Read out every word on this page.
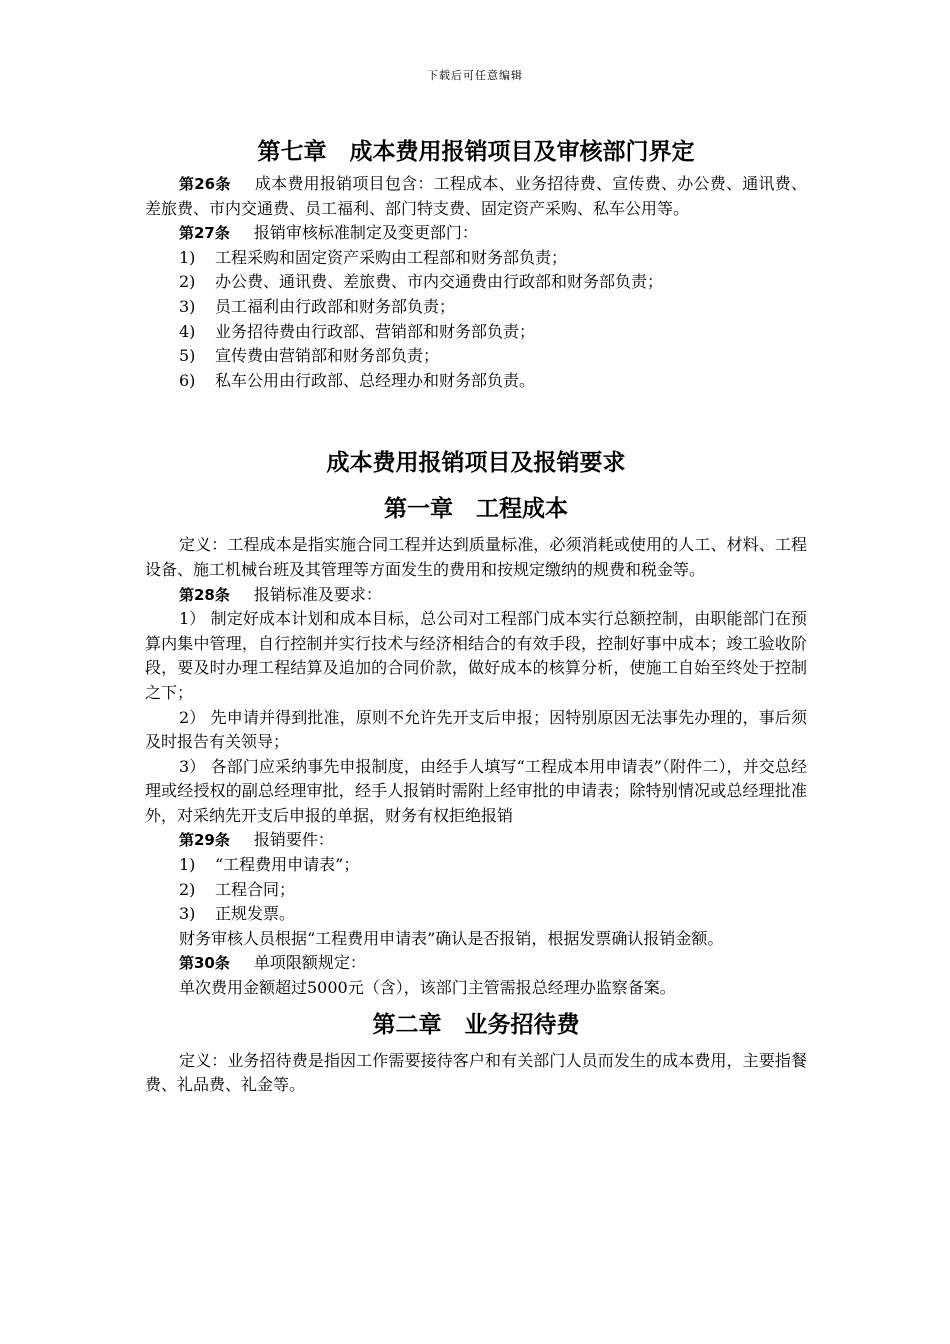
下载后可任意编辑
第七章　成本费用报销项目及审核部门界定

第26条 成本费用报销项目包含：工程成本、业务招待费、宣传费、办公费、通讯费、差旅费、市内交通费、员工福利、部门特支费、固定资产采购、私车公用等。

第27条 报销审核标准制定及变更部门：

1) 工程采购和固定资产采购由工程部和财务部负责；

2) 办公费、通讯费、差旅费、市内交通费由行政部和财务部负责；

3) 员工福利由行政部和财务部负责；

4) 业务招待费由行政部、营销部和财务部负责；

5) 宣传费由营销部和财务部负责；

6) 私车公用由行政部、总经理办和财务部负责。

成本费用报销项目及报销要求
第一章　工程成本

定义：工程成本是指实施合同工程并达到质量标准，必须消耗或使用的人工、材料、工程设备、施工机械台班及其管理等方面发生的费用和按规定缴纳的规费和税金等。

第28条 报销标准及要求：

1） 制定好成本计划和成本目标，总公司对工程部门成本实行总额控制，由职能部门在预算内集中管理，自行控制并实行技术与经济相结合的有效手段，控制好事中成本；竣工验收阶段，要及时办理工程结算及追加的合同价款，做好成本的核算分析，使施工自始至终处于控制之下；

2） 先申请并得到批准，原则不允许先开支后申报；因特别原因无法事先办理的，事后须及时报告有关领导；

3） 各部门应采纳事先申报制度，由经手人填写“工程成本用申请表”（附件二），并交总经理或经授权的副总经理审批，经手人报销时需附上经审批的申请表；除特别情况或总经理批准外，对采纳先开支后申报的单据，财务有权拒绝报销

第29条 报销要件：

1) “工程费用申请表”；

2) 工程合同；

3) 正规发票。

财务审核人员根据“工程费用申请表”确认是否报销，根据发票确认报销金额。

第30条 单项限额规定：

单次费用金额超过5000元（含），该部门主管需报总经理办监察备案。

第二章　业务招待费

定义：业务招待费是指因工作需要接待客户和有关部门人员而发生的成本费用，主要指餐费、礼品费、礼金等。
